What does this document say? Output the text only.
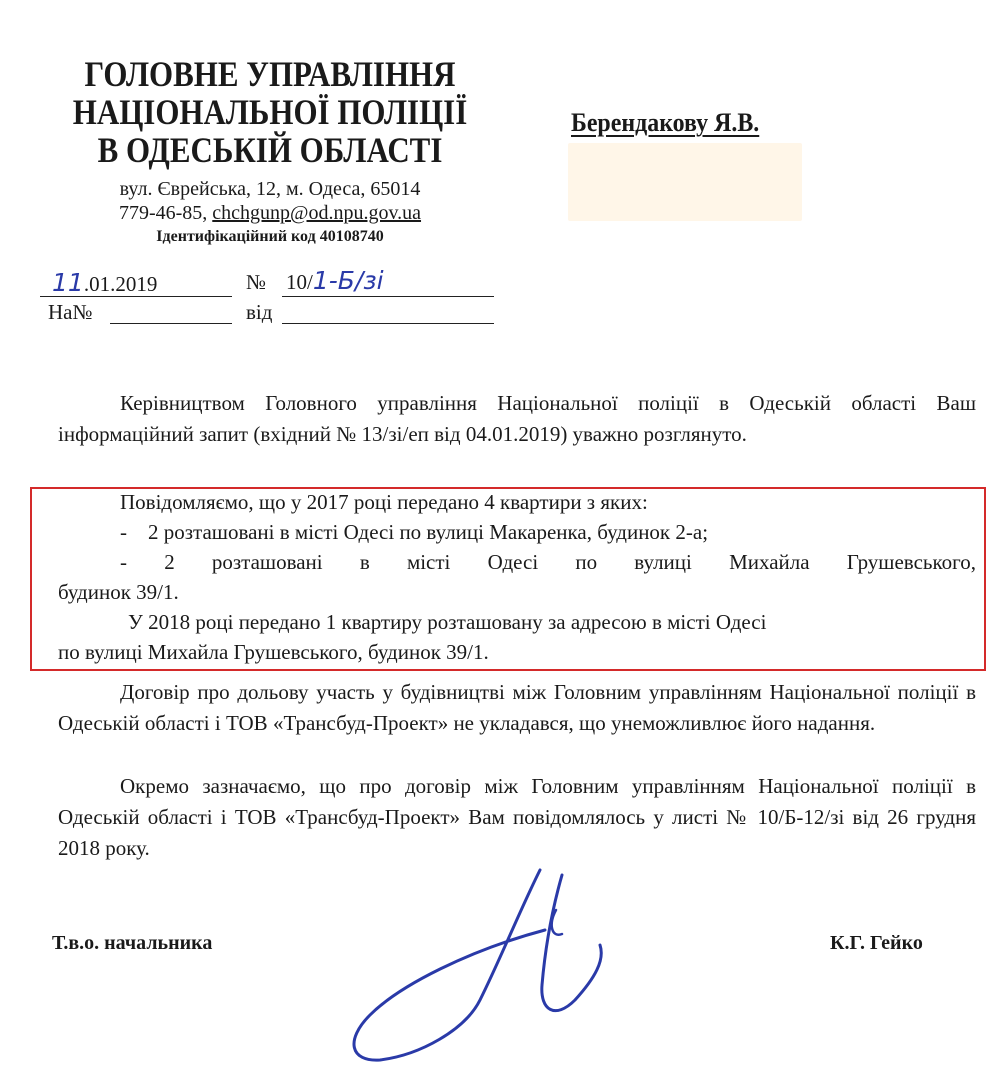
ГОЛОВНЕ УПРАВЛІННЯ
НАЦІОНАЛЬНОЇ ПОЛІЦІЇ
В ОДЕСЬКІЙ ОБЛАСТІ
вул. Єврейська, 12, м. Одеса, 65014
779-46-85, chchgunp@od.npu.gov.ua
Ідентифікаційний код 40108740
Берендакову Я.В.
11.01.2019	№ 10/1-Б/зі
На№	від

Керівництвом Головного управління Національної поліції в Одеській області Ваш інформаційний запит (вхідний № 13/зі/еп від 04.01.2019) уважно розглянуто.

Повідомляємо, що у 2017 році передано 4 квартири з яких:
-    2 розташовані в місті Одесі по вулиці Макаренка, будинок 2-а;
- 2 розташовані в місті Одесі по вулиці Михайла Грушевського,
будинок 39/1.
У 2018 році передано 1 квартиру розташовану за адресою в місті Одесі
по вулиці Михайла Грушевського, будинок 39/1.

Договір про дольову участь у будівництві між Головним управлінням Національної поліції в Одеській області і ТОВ «Трансбуд-Проект» не укладався, що унеможливлює його надання.

Окремо зазначаємо, що про договір між Головним управлінням Національної поліції в Одеській області і ТОВ «Трансбуд-Проект» Вам повідомлялось у листі № 10/Б-12/зі від 26 грудня 2018 року.

Т.в.о. начальника	К.Г. Гейко
